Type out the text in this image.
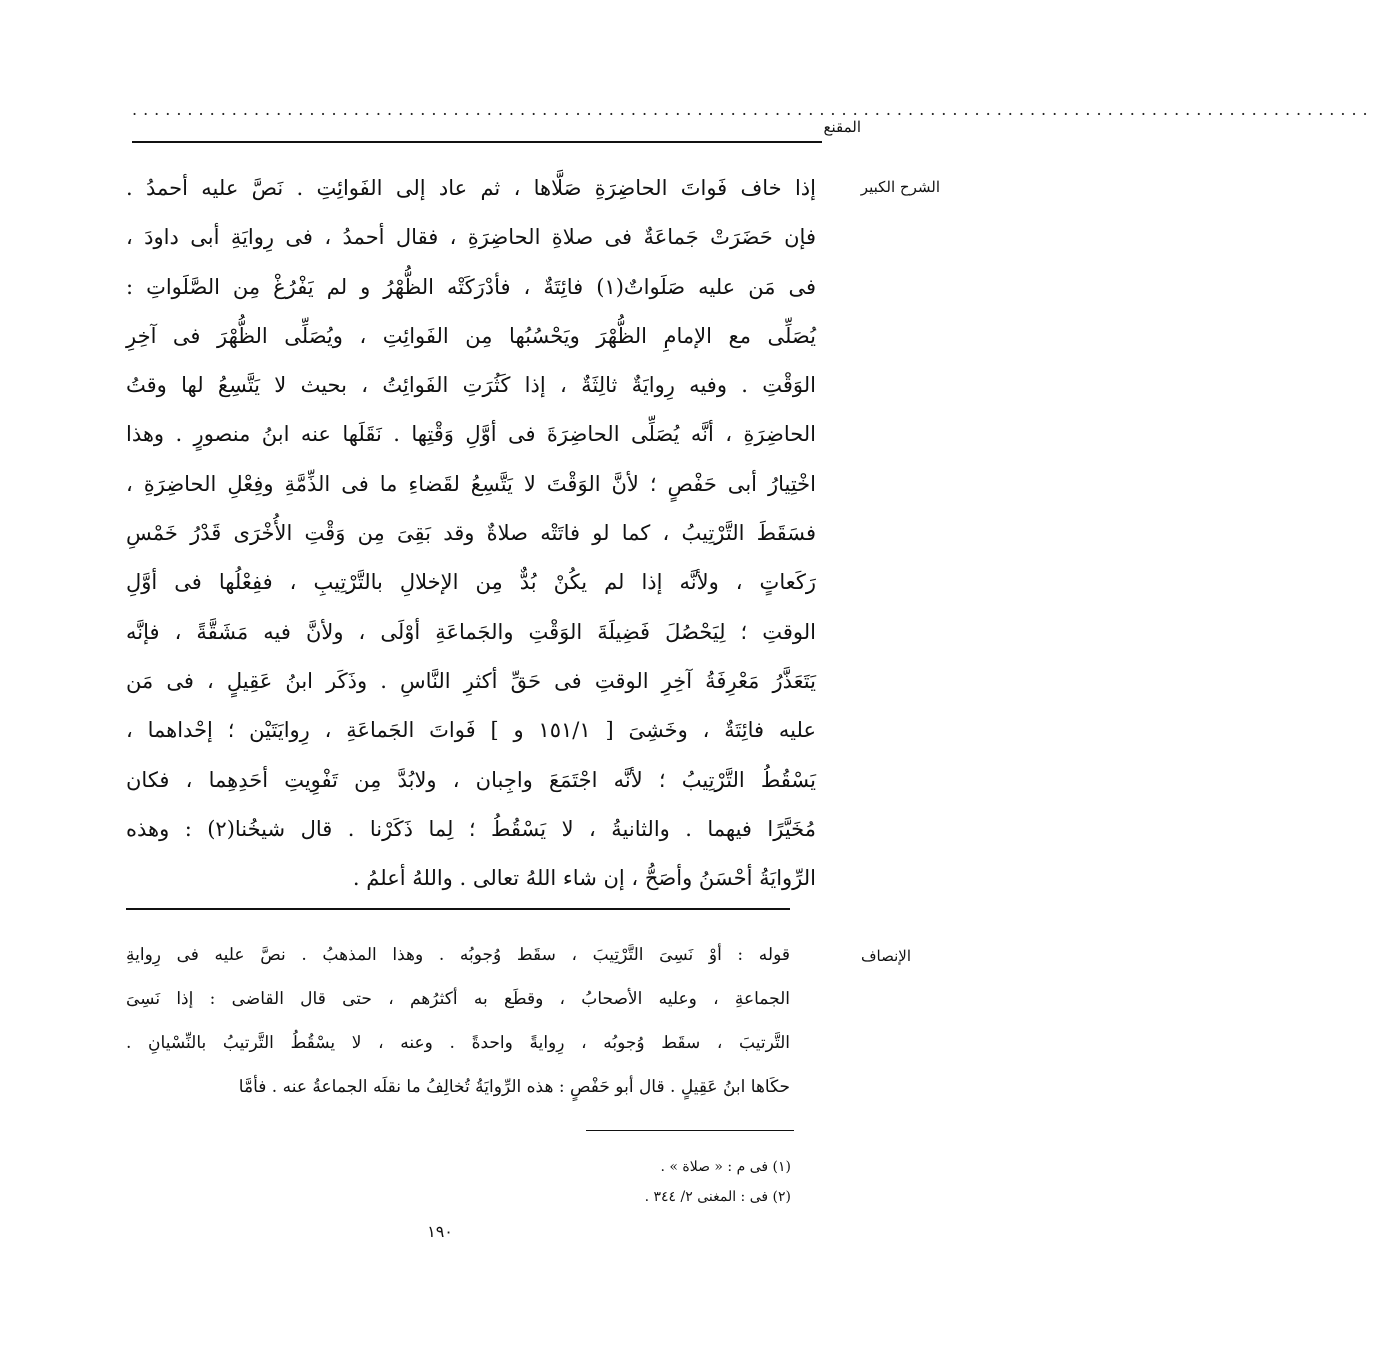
المقنع
................................................................................................................
الشرح الكبير
إذا خاف فَواتَ الحاضِرَةِ صَلَّاها ، ثم عاد إلى الفَوائِتِ . نَصَّ عليه أحمدُ .
فإن حَضَرَتْ جَماعَةٌ فى صلاةِ الحاضِرَةِ ، فقال أحمدُ ، فى رِوايَةِ أبى داودَ ،
فى مَن عليه صَلَواتٌ(١) فائِتَةٌ ، فأدْرَكَتْه الظُّهْرُ و لم يَفْرُغْ مِن الصَّلَواتِ :
يُصَلِّى مع الإمامِ الظُّهْرَ ويَحْسُبُها مِن الفَوائِتِ ، ويُصَلِّى الظُّهْرَ فى آخِرِ
الوَقْتِ . وفيه رِوايَةٌ ثالِثَةٌ ، إذا كَثُرَتِ الفَوائِتُ ، بحيث لا يَتَّسِعُ لها وقتُ
الحاضِرَةِ ، أنَّه يُصَلِّى الحاضِرَةَ فى أوَّلِ وَقْتِها . نَقَلَها عنه ابنُ منصورٍ . وهذا
اخْتِيارُ أبى حَفْصٍ ؛ لأنَّ الوَقْتَ لا يَتَّسِعُ لقَضاءِ ما فى الذِّمَّةِ وفِعْلِ الحاضِرَةِ ،
فسَقَطَ التَّرْتِيبُ ، كما لو فاتَتْه صلاةٌ وقد بَقِىَ مِن وَقْتِ الأُخْرَى قَدْرُ خَمْسِ
رَكَعاتٍ ، ولأنَّه إذا لم يكُنْ بُدٌّ مِن الإخلالِ بالتَّرْتِيبِ ، ففِعْلُها فى أوَّلِ
الوقتِ ؛ لِيَحْصُلَ فَضِيلَةَ الوَقْتِ والجَماعَةِ أوْلَى ، ولأنَّ فيه مَشَقَّةً ، فإنَّه
يَتَعَذَّرُ مَعْرِفَةُ آخِرِ الوقتِ فى حَقِّ أكثرِ النَّاسِ . وذَكَر ابنُ عَقِيلٍ ، فى مَن
عليه فائِتَةٌ ، وخَشِىَ [ ١٥١/١ و ] فَواتَ الجَماعَةِ ، رِوايَتَيْن ؛ إحْداهما ،
يَسْقُطُ التَّرْتِيبُ ؛ لأنَّه اجْتَمَعَ واجِبان ، ولابُدَّ مِن تَفْوِيتِ أحَدِهِما ، فكان
مُخَيَّرًا فيهما . والثانيةُ ، لا يَسْقُطُ ؛ لِما ذَكَرْنا . قال شيخُنا(٢) : وهذه
الرِّوايَةُ أحْسَنُ وأصَحُّ ، إن شاء اللهُ تعالى . واللهُ أعلمُ .
الإنصاف
قوله : أوْ نَسِىَ التَّرْتِيبَ ، سقَط وُجوبُه . وهذا المذهبُ . نصَّ عليه فى رِوايةِ
الجماعةِ ، وعليه الأصحابُ ، وقطَع به أكثرُهم ، حتى قال القاضى : إذا نَسِىَ
التَّرتيبَ ، سقَط وُجوبُه ، رِوايةً واحدةً . وعنه ، لا يسْقُطُ التَّرتيبُ بالنِّسْيانِ .
حكَاها ابنُ عَقِيلٍ . قال أبو حَفْصٍ : هذه الرِّوايَةُ تُخالِفُ ما نقلَه الجماعةُ عنه . فأمَّا
(١) فى م : « صلاة » .
(٢) فى : المغنى ٢/ ٣٤٤ .
١٩٠
